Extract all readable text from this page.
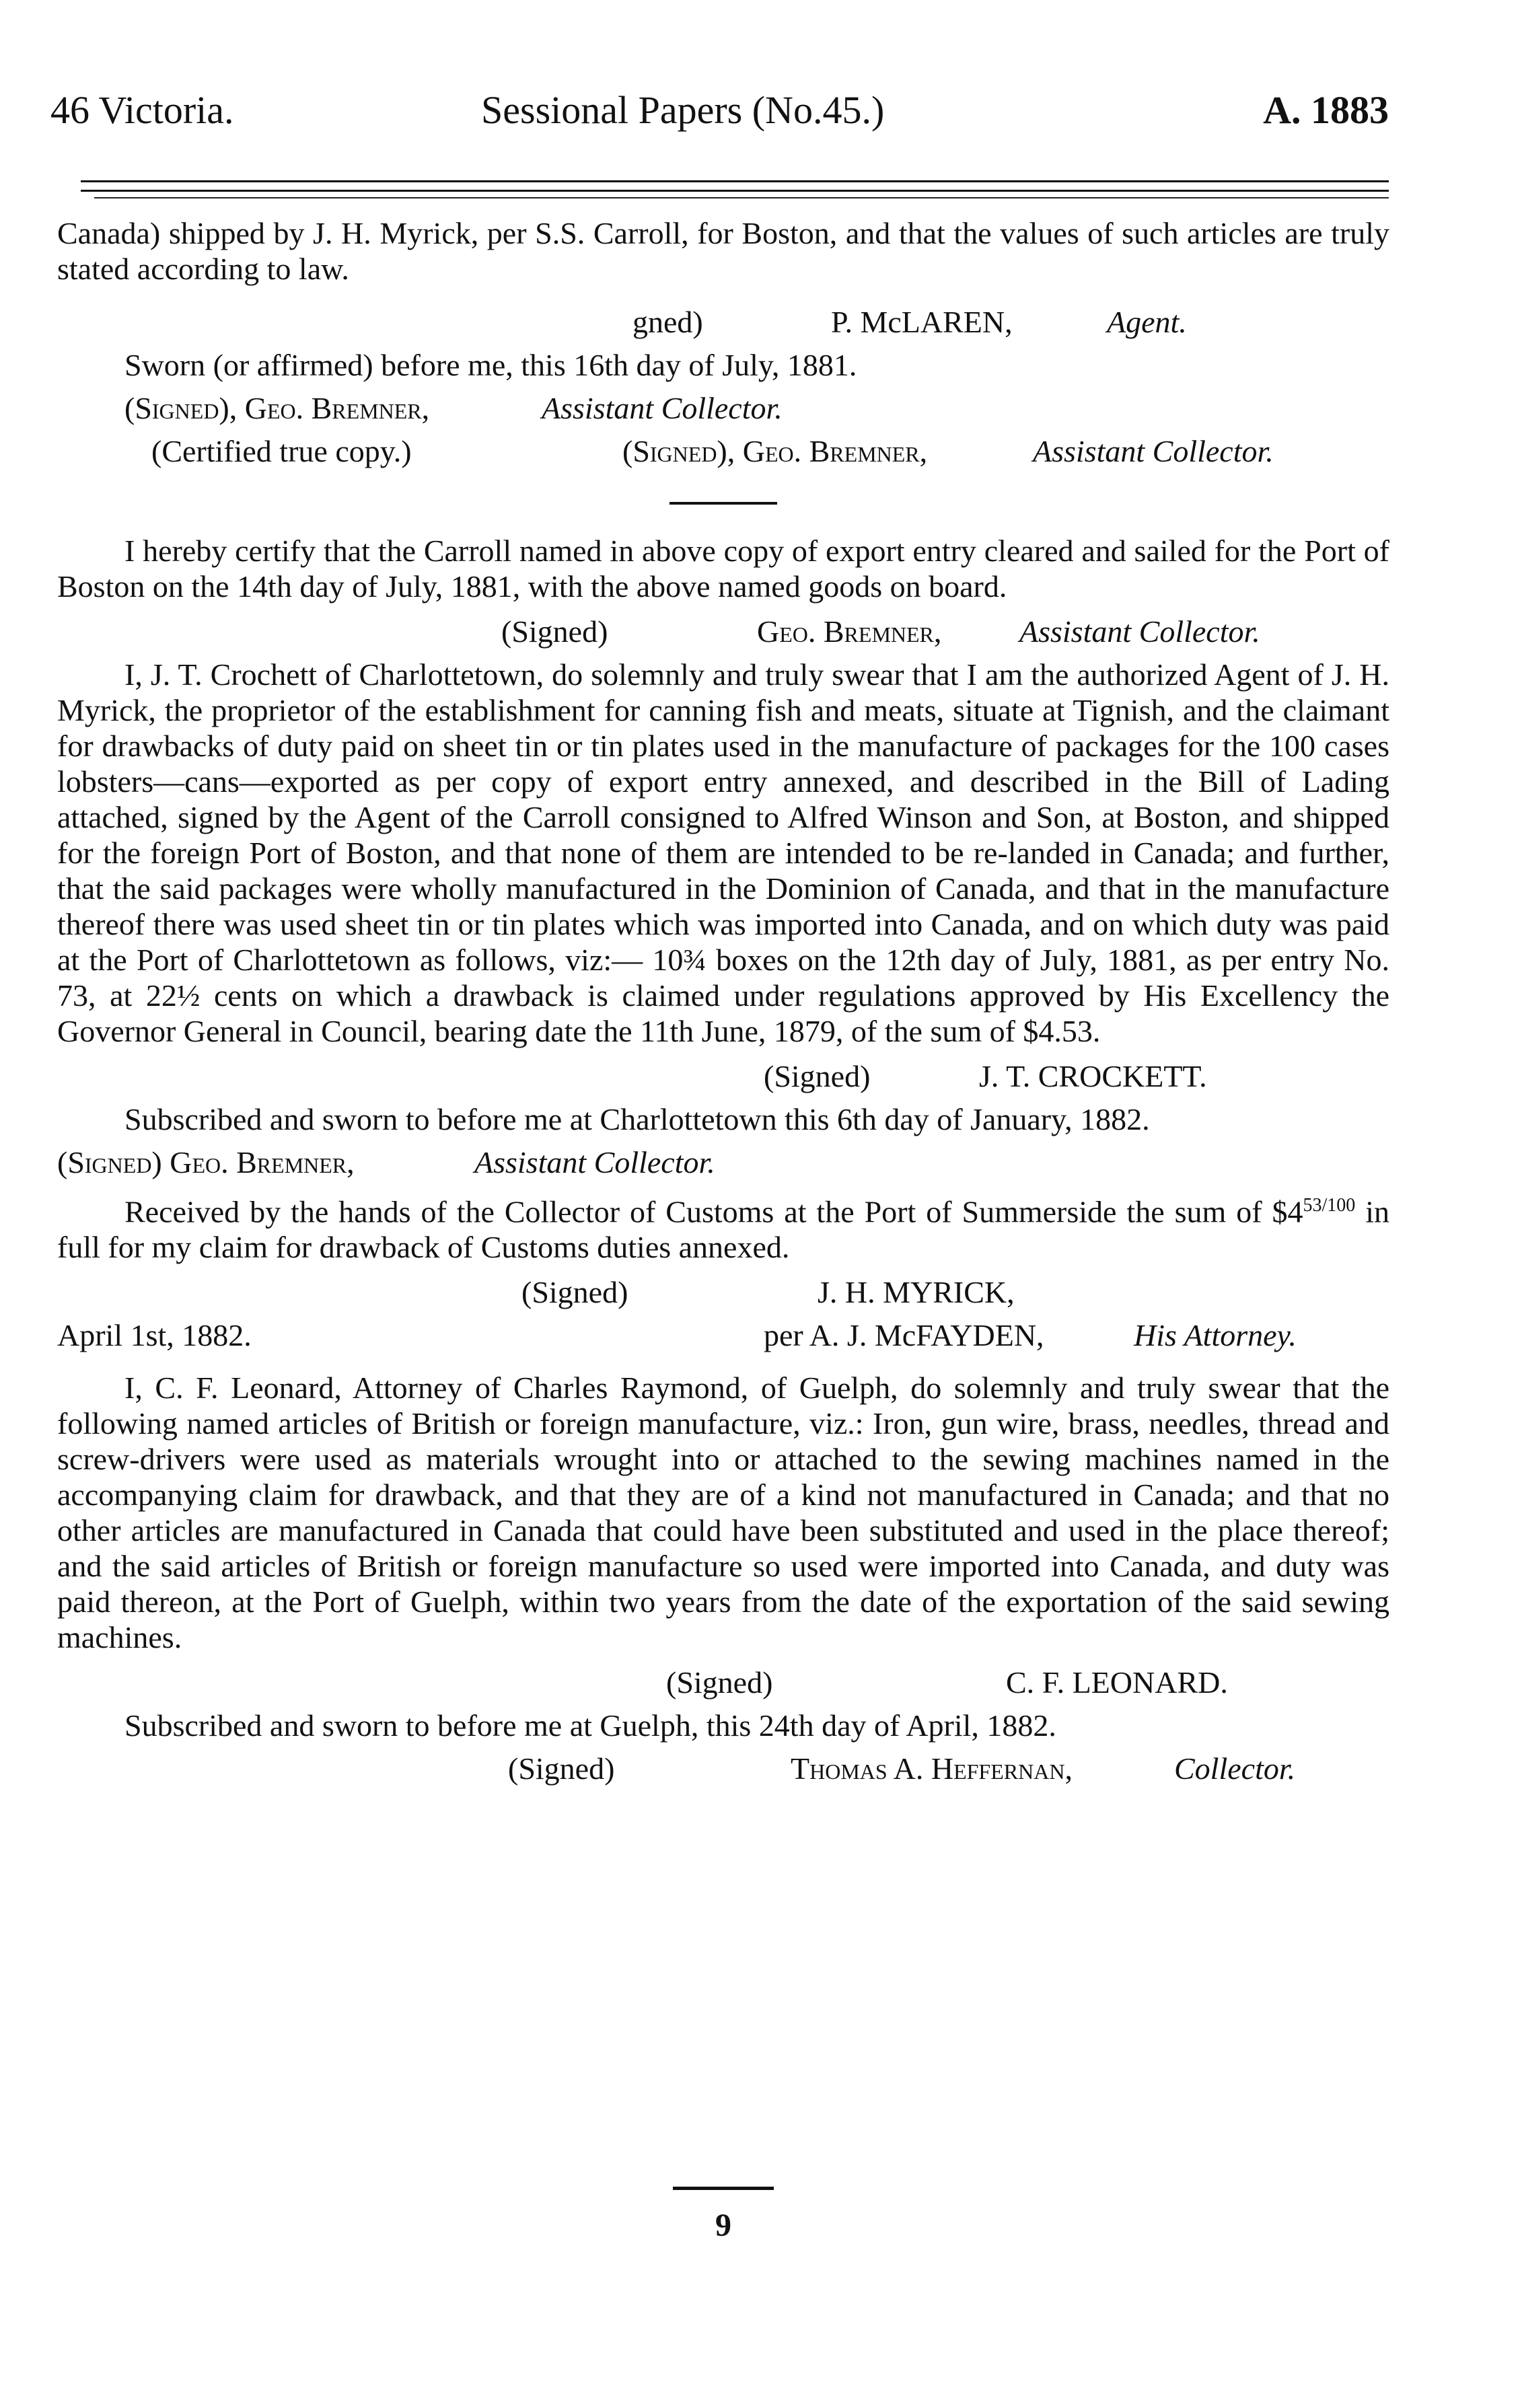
46 Victoria.	Sessional Papers (No.45.)	A. 1883

Canada) shipped by J. H. Myrick, per S.S. Carroll, for Boston, and that the values of such articles are truly stated according to law.

gned)	P. McLAREN,	Agent.
Sworn (or affirmed) before me, this 16th day of July, 1881.
(Signed), Geo. Bremner,	Assistant Collector.
(Certified true copy.)	(Signed), Geo. Bremner,	Assistant Collector.

I hereby certify that the Carroll named in above copy of export entry cleared and sailed for the Port of Boston on the 14th day of July, 1881, with the above named goods on board.

(Signed)	Geo. Bremner,	Assistant Collector.

I, J. T. Crochett of Charlottetown, do solemnly and truly swear that I am the authorized Agent of J. H. Myrick, the proprietor of the establishment for canning fish and meats, situate at Tignish, and the claimant for drawbacks of duty paid on sheet tin or tin plates used in the manufacture of packages for the 100 cases lobsters—cans—exported as per copy of export entry annexed, and described in the Bill of Lading attached, signed by the Agent of the Carroll consigned to Alfred Winson and Son, at Boston, and shipped for the foreign Port of Boston, and that none of them are intended to be re-landed in Canada; and further, that the said packages were wholly manufactured in the Dominion of Canada, and that in the manufacture thereof there was used sheet tin or tin plates which was imported into Canada, and on which duty was paid at the Port of Charlottetown as follows, viz:— 10¾ boxes on the 12th day of July, 1881, as per entry No. 73, at 22½ cents on which a drawback is claimed under regulations approved by His Excellency the Governor General in Council, bearing date the 11th June, 1879, of the sum of $4.53.

(Signed)	J. T. CROCKETT.
Subscribed and sworn to before me at Charlottetown this 6th day of January, 1882.
(Signed) Geo. Bremner,	Assistant Collector.

Received by the hands of the Collector of Customs at the Port of Summerside the sum of $\$4^{53/100}$ in full for my claim for drawback of Customs duties annexed.

(Signed)	J. H. MYRICK,
April 1st, 1882.	per A. J. McFAYDEN,	His Attorney.

I, C. F. Leonard, Attorney of Charles Raymond, of Guelph, do solemnly and truly swear that the following named articles of British or foreign manufacture, viz.: Iron, gun wire, brass, needles, thread and screw-drivers were used as materials wrought into or attached to the sewing machines named in the accompanying claim for drawback, and that they are of a kind not manufactured in Canada; and that no other articles are manufactured in Canada that could have been substituted and used in the place thereof; and the said articles of British or foreign manufacture so used were imported into Canada, and duty was paid thereon, at the Port of Guelph, within two years from the date of the exportation of the said sewing machines.

(Signed)	C. F. LEONARD.
Subscribed and sworn to before me at Guelph, this 24th day of April, 1882.
(Signed)	Thomas A. Heffernan,	Collector.
9
